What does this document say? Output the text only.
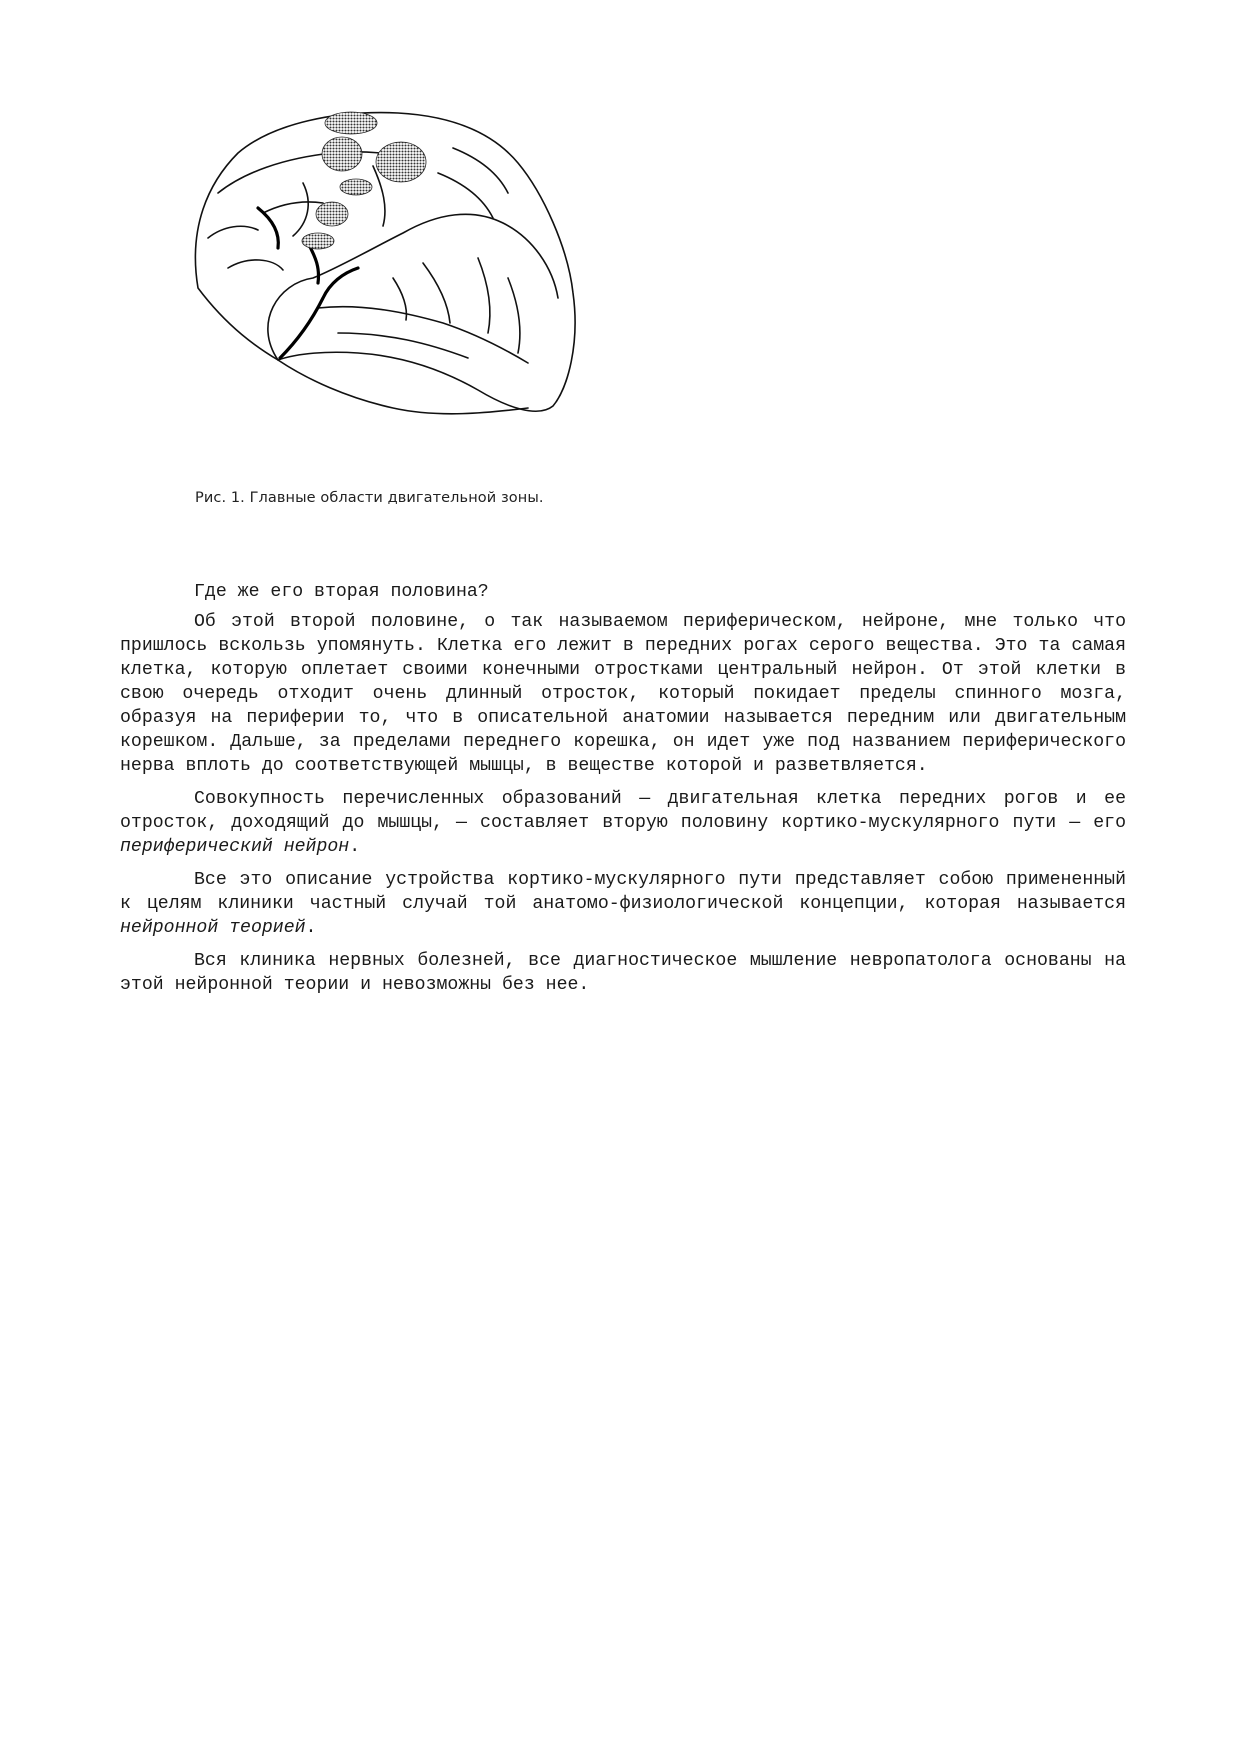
Рис. 1. Главные области двигательной зоны.

Где же его вторая половина?

Об этой второй половине, о так называемом периферическом, нейроне, мне только что пришлось вскользь упомянуть. Клетка его лежит в передних рогах серого вещества. Это та самая клетка, которую оплетает своими конечными отростками центральный нейрон. От этой клетки в свою очередь отходит очень длинный отросток, который покидает пределы спинного мозга, образуя на периферии то, что в описательной анатомии называется передним или двигательным корешком. Дальше, за пределами переднего корешка, он идет уже под названием периферического нерва вплоть до соответствующей мышцы, в веществе которой и разветвляется.

Совокупность перечисленных образований — двигательная клетка передних рогов и ее отросток, доходящий до мышцы, — составляет вторую половину кортико-мускулярного пути — его периферический нейрон.

Все это описание устройства кортико-мускулярного пути представляет собою примененный к целям клиники частный случай той анатомо-физиологической концепции, которая называется нейронной теорией.

Вся клиника нервных болезней, все диагностическое мышление невропатолога основаны на этой нейронной теории и невозможны без нее.
